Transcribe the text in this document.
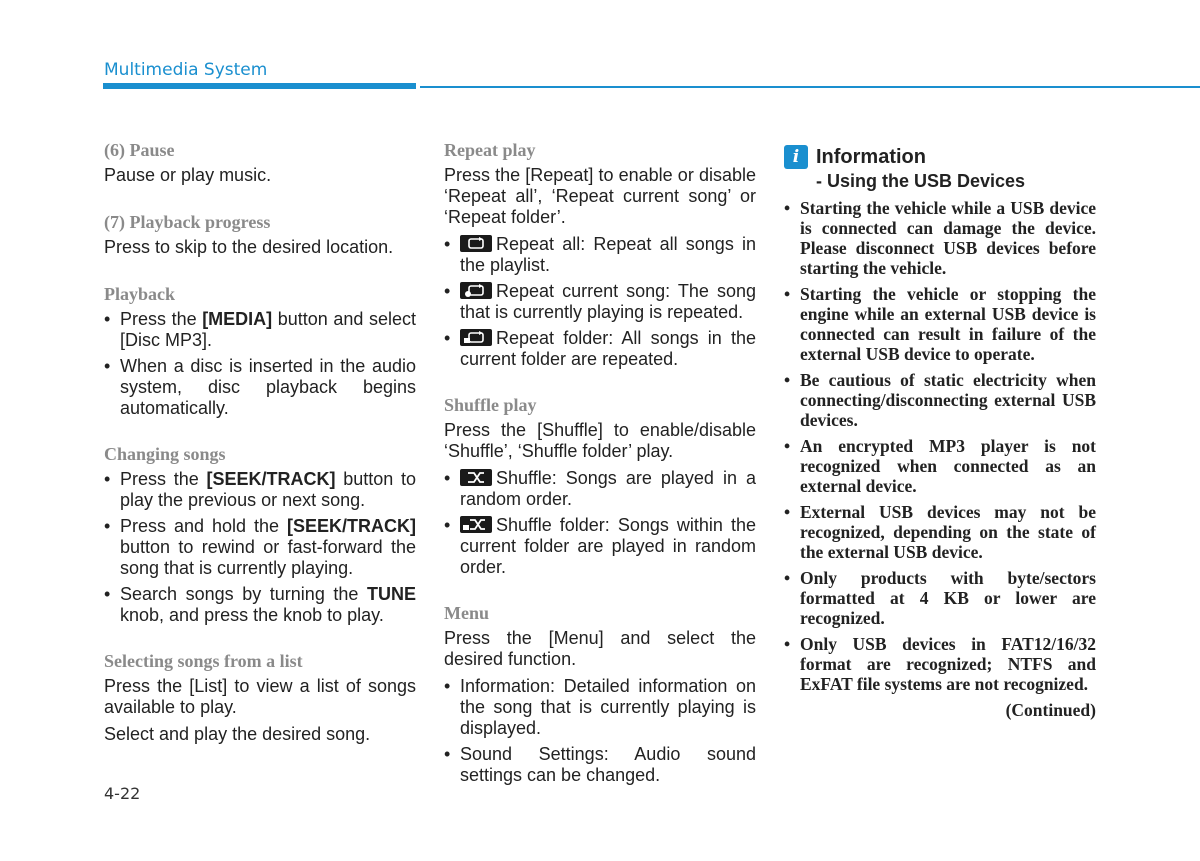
Multimedia System
(6) Pause
Pause or play music.
(7) Playback progress
Press to skip to the desired location.
Playback
• Press the [MEDIA] button and select [Disc MP3].
• When a disc is inserted in the audio system, disc playback begins automatically.
Changing songs
• Press the [SEEK/TRACK] button to play the previous or next song.
• Press and hold the [SEEK/TRACK] button to rewind or fast-forward the song that is currently playing.
• Search songs by turning the TUNE knob, and press the knob to play.
Selecting songs from a list
Press the [List] to view a list of songs available to play.
Select and play the desired song.
Repeat play
Press the [Repeat] to enable or disable ‘Repeat all’, ‘Repeat current song’ or ‘Repeat folder’.
• Repeat all: Repeat all songs in the playlist.
• Repeat current song: The song that is currently playing is repeated.
• Repeat folder: All songs in the current folder are repeated.
Shuffle play
Press the [Shuffle] to enable/disable ‘Shuffle’, ‘Shuffle folder’ play.
• Shuffle: Songs are played in a random order.
• Shuffle folder: Songs within the current folder are played in random order.
Menu
Press the [Menu] and select the desired function.
• Information: Detailed information on the song that is currently playing is displayed.
• Sound Settings: Audio sound settings can be changed.
i Information
- Using the USB Devices
• Starting the vehicle while a USB device is connected can damage the device. Please disconnect USB devices before starting the vehicle.
• Starting the vehicle or stopping the engine while an external USB device is connected can result in failure of the external USB device to operate.
• Be cautious of static electricity when connecting/disconnecting external USB devices.
• An encrypted MP3 player is not recognized when connected as an external device.
• External USB devices may not be recognized, depending on the state of the external USB device.
• Only products with byte/sectors formatted at 4 KB or lower are recognized.
• Only USB devices in FAT12/16/32 format are recognized; NTFS and ExFAT file systems are not recognized.
(Continued)
4-22
